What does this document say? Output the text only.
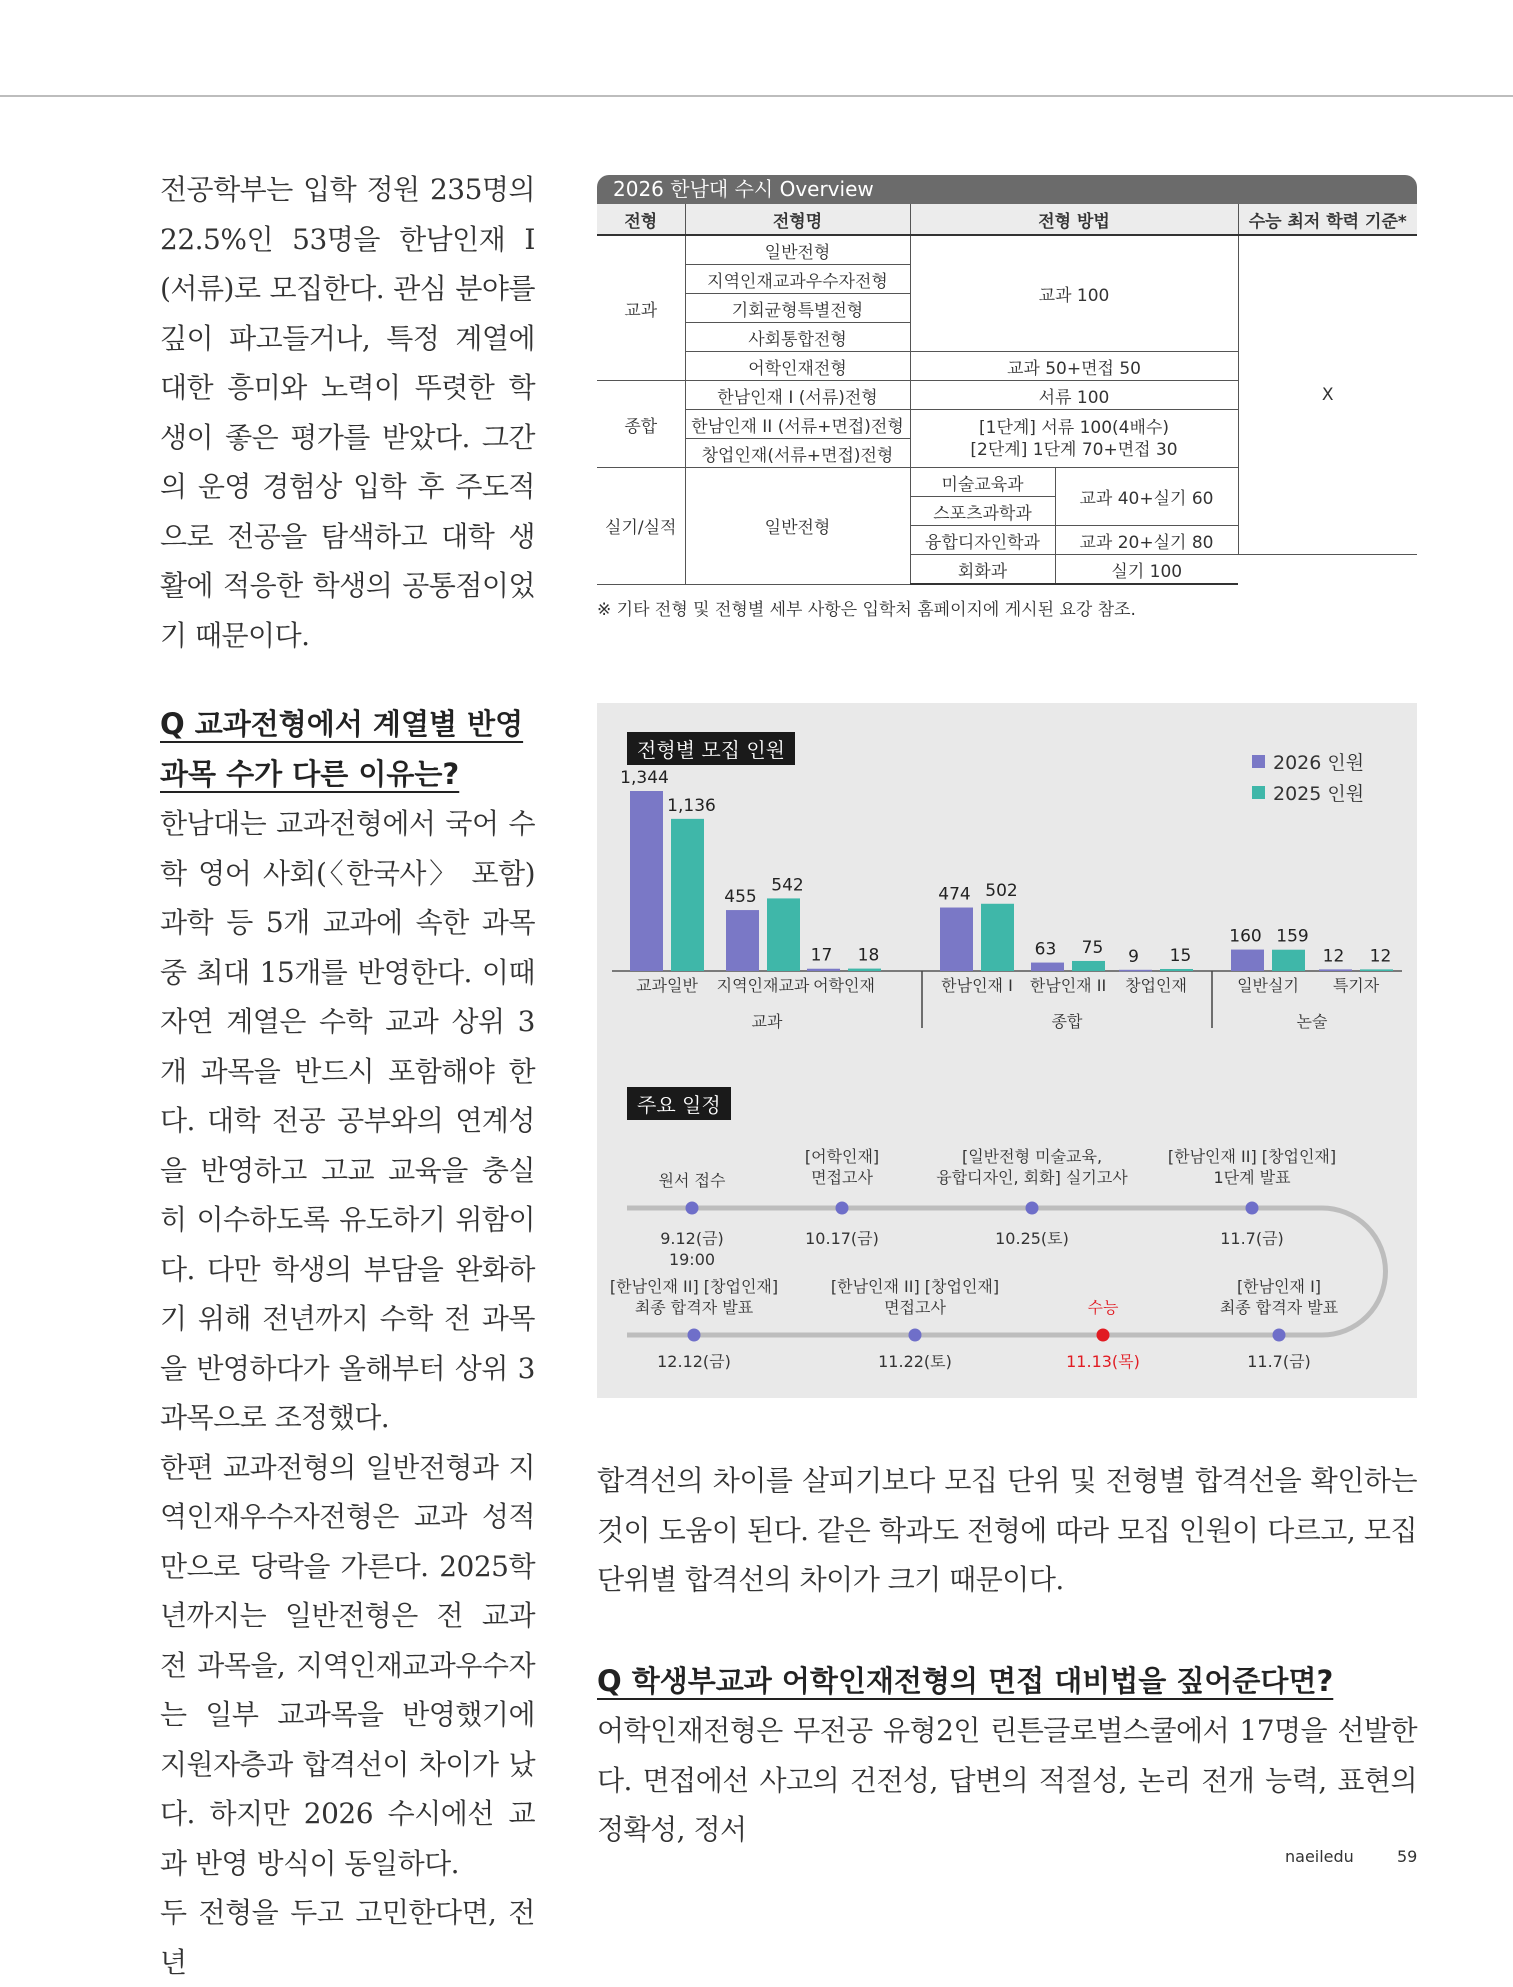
전공학부는 입학 정원 235명의 22.5%인 53명을 한남인재 I (서류)로 모집한다. 관심 분야를 깊이 파고들거나, 특정 계열에 대한 흥미와 노력이 뚜렷한 학생이 좋은 평가를 받았다. 그간의 운영 경험상 입학 후 주도적으로 전공을 탐색하고 대학 생활에 적응한 학생의 공통점이었기 때문이다.

Q 교과전형에서 계열별 반영 과목 수가 다른 이유는?

한남대는 교과전형에서 국어 수학 영어 사회(〈한국사〉 포함) 과학 등 5개 교과에 속한 과목 중 최대 15개를 반영한다. 이때 자연 계열은 수학 교과 상위 3개 과목을 반드시 포함해야 한다. 대학 전공 공부와의 연계성을 반영하고 고교 교육을 충실히 이수하도록 유도하기 위함이다. 다만 학생의 부담을 완화하기 위해 전년까지 수학 전 과목을 반영하다가 올해부터 상위 3과목으로 조정했다.

한편 교과전형의 일반전형과 지역인재우수자전형은 교과 성적만으로 당락을 가른다. 2025학년까지는 일반전형은 전 교과 전 과목을, 지역인재교과우수자는 일부 교과목을 반영했기에 지원자층과 합격선이 차이가 났다. 하지만 2026 수시에선 교과 반영 방식이 동일하다.

두 전형을 두고 고민한다면, 전년

2026 한남대 수시 Overview
전형	전형명	전형 방법		수능 최저 학력 기준*
교과	일반전형	교과 100		X
	지역인재교과우수자전형			
	기회균형특별전형			
	사회통합전형			
	어학인재전형	교과 50+면접 50		
종합	한남인재 I (서류)전형	서류 100		
	한남인재 II (서류+면접)전형	[1단계] 서류 100(4배수)
[2단계] 1단계 70+면접 30		

	창업인재(서류+면접)전형			
실기/실적	일반전형	미술교육과	교과 40+실기 60	
		스포츠과학과		
		융합디자인학과	교과 20+실기 80	
		회화과	실기 100	
※ 기타 전형 및 전형별 세부 사항은 입학처 홈페이지에 게시된 요강 참조.
전형별 모집 인원
2026 인원
2025 인원
1,344
1,136
교과일반
455
542
지역인재교과
17 18
어학인재
474 502
한남인재 I
63 75
한남인재 II
9 15
창업인재
160 159
일반실기
12 12
특기자
교과	종합	논술
주요 일정
원서 접수
9.12(금)
19:00
[어학인재]
면접고사
10.17(금)
[일반전형 미술교육,
융합디자인, 회화] 실기고사
10.25(토)
[한남인재 II] [창업인재]
1단계 발표
11.7(금)
[한남인재 II] [창업인재]
최종 합격자 발표
12.12(금)
[한남인재 II] [창업인재]
면접고사
11.22(토)
수능
11.13(목)
[한남인재 I]
최종 합격자 발표
11.7(금)

합격선의 차이를 살피기보다 모집 단위 및 전형별 합격선을 확인하는 것이 도움이 된다. 같은 학과도 전형에 따라 모집 인원이 다르고, 모집 단위별 합격선의 차이가 크기 때문이다.

Q 학생부교과 어학인재전형의 면접 대비법을 짚어준다면?

어학인재전형은 무전공 유형2인 린튼글로벌스쿨에서 17명을 선발한다. 면접에선 사고의 건전성, 답변의 적절성, 논리 전개 능력, 표현의 정확성, 정서

naeiledu	59
